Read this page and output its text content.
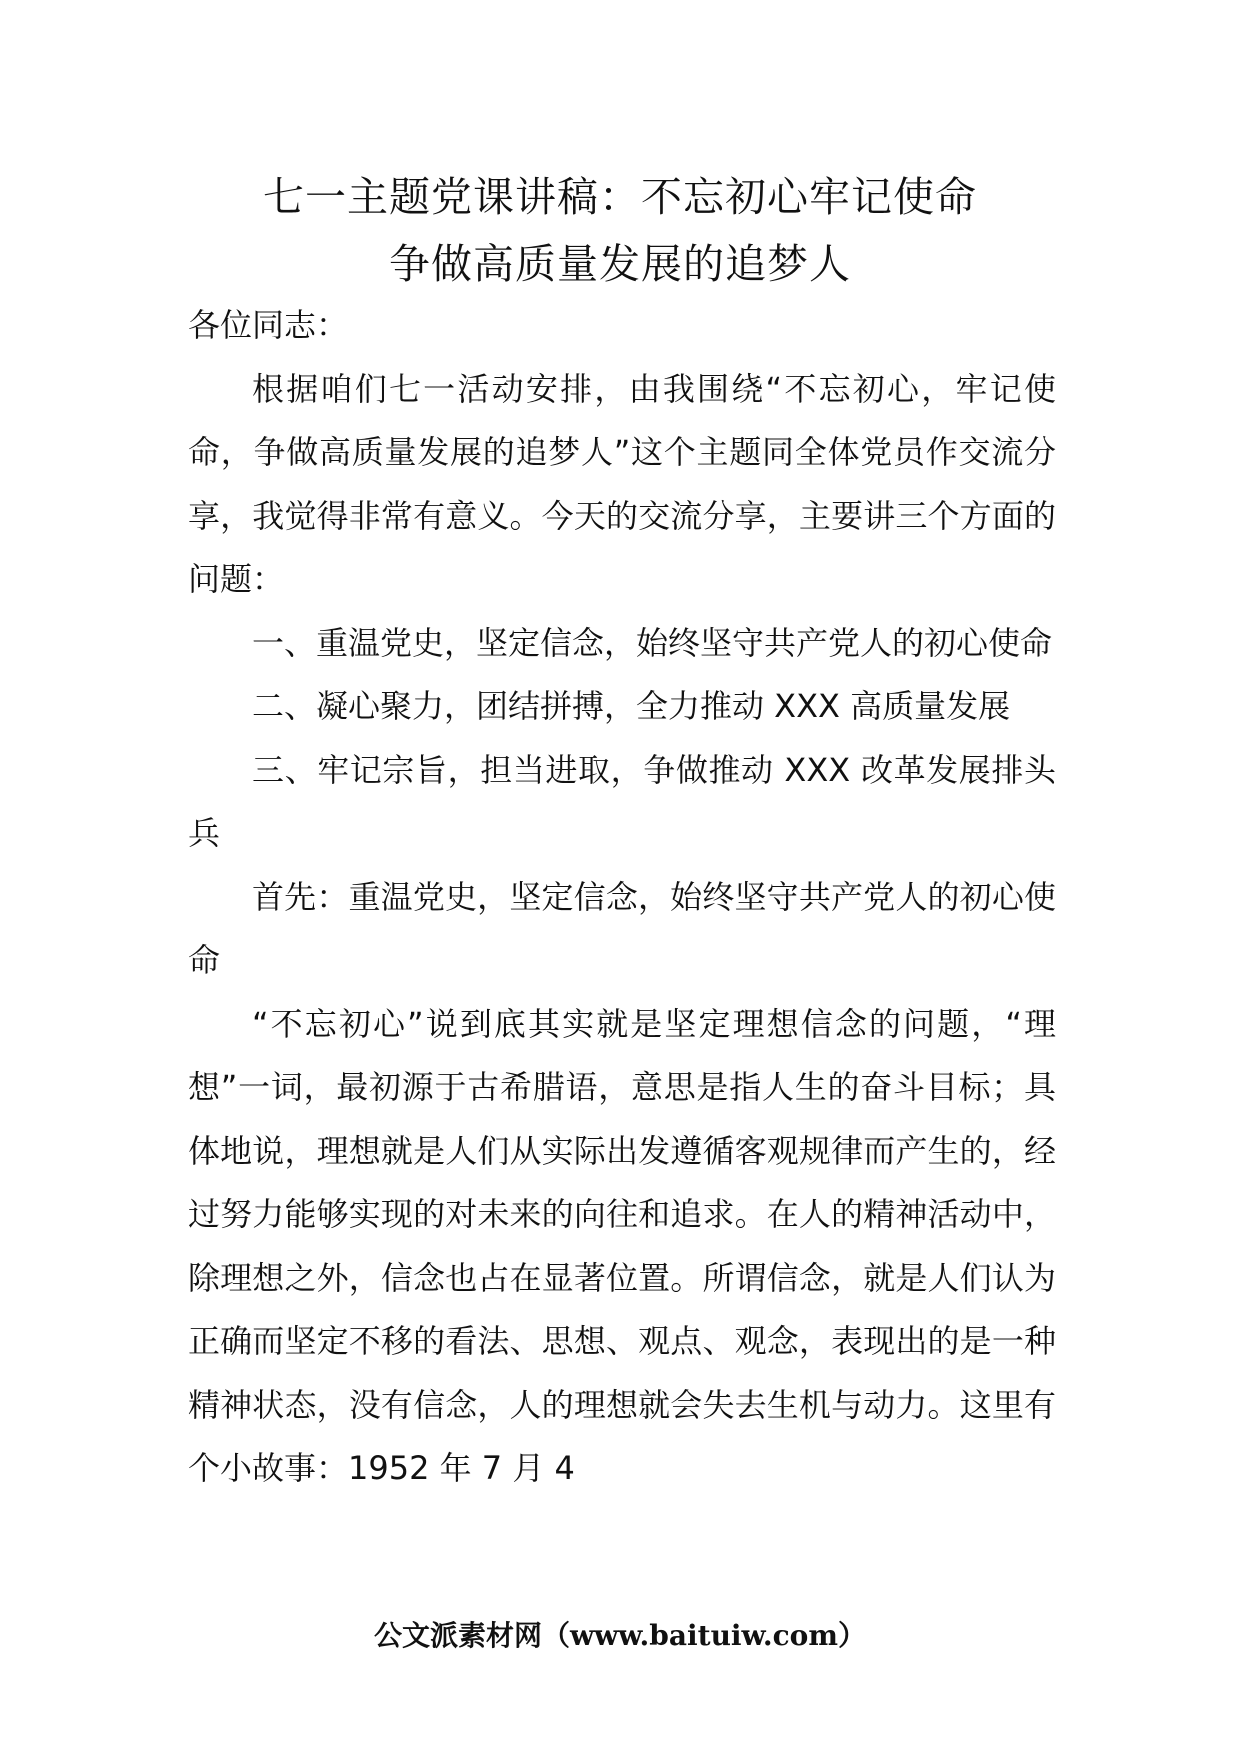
七一主题党课讲稿：不忘初心牢记使命
争做高质量发展的追梦人

各位同志：

根据咱们七一活动安排，由我围绕“不忘初心，牢记使命，争做高质量发展的追梦人”这个主题同全体党员作交流分享，我觉得非常有意义。今天的交流分享，主要讲三个方面的问题：

一、重温党史，坚定信念，始终坚守共产党人的初心使命

二、凝心聚力，团结拼搏，全力推动 XXX 高质量发展

三、牢记宗旨，担当进取，争做推动 XXX 改革发展排头兵

首先：重温党史，坚定信念，始终坚守共产党人的初心使命

“不忘初心”说到底其实就是坚定理想信念的问题，“理想”一词，最初源于古希腊语，意思是指人生的奋斗目标；具体地说，理想就是人们从实际出发遵循客观规律而产生的，经过努力能够实现的对未来的向往和追求。在人的精神活动中，除理想之外，信念也占在显著位置。所谓信念，就是人们认为正确而坚定不移的看法、思想、观点、观念，表现出的是一种精神状态，没有信念，人的理想就会失去生机与动力。这里有个小故事：1952 年 7 月 4

公文派素材网（www.baituiw.com）
